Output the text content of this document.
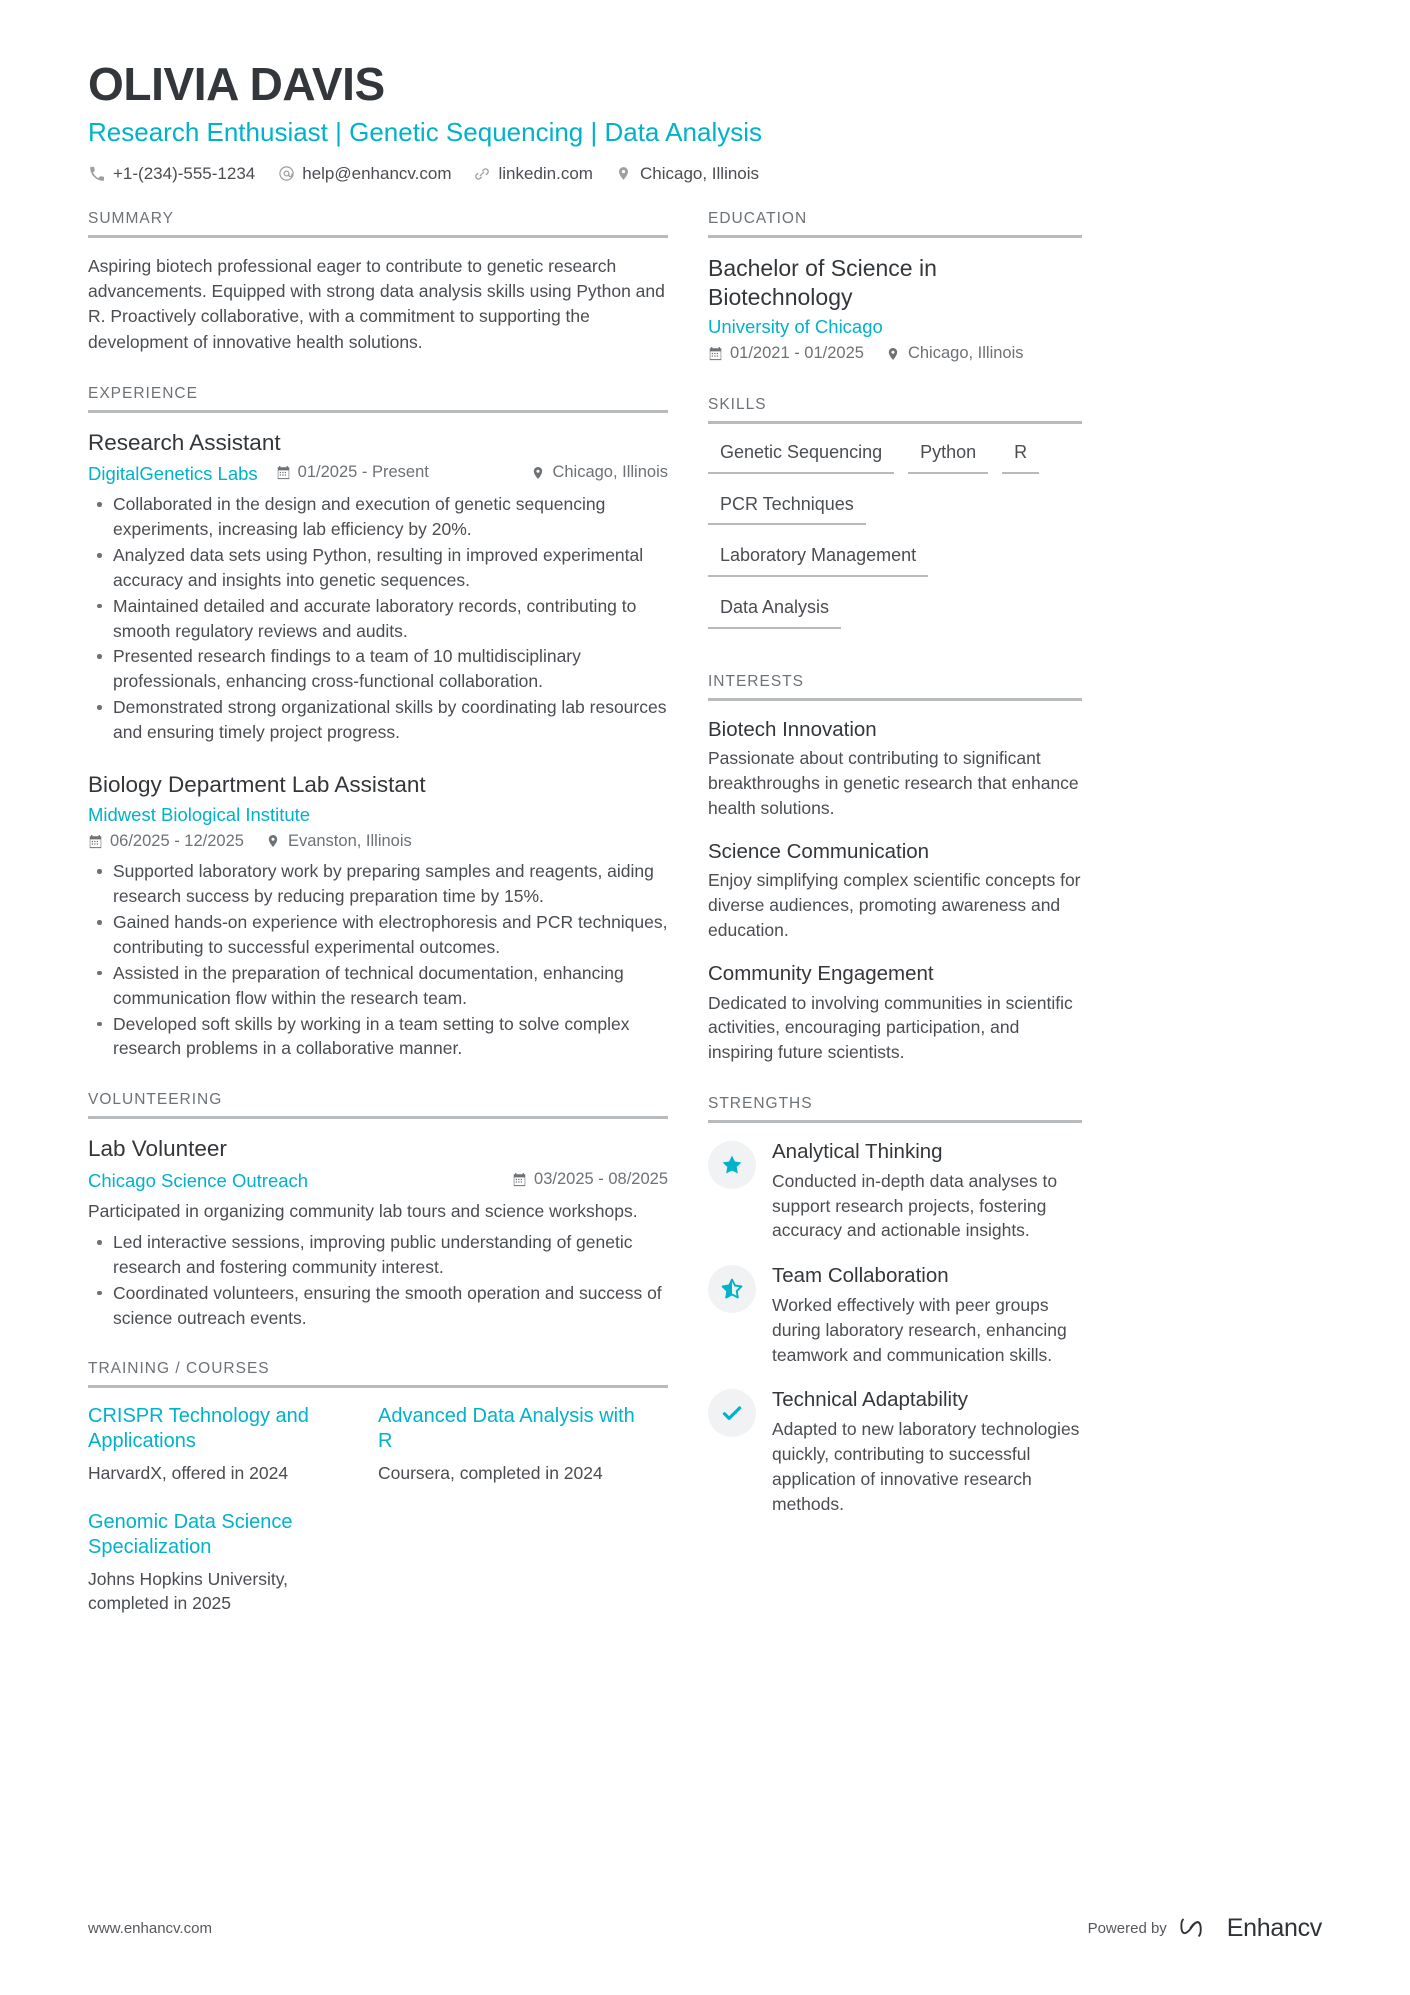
OLIVIA DAVIS
Research Enthusiast | Genetic Sequencing | Data Analysis
+1-(234)-555-1234	help@enhancv.com	linkedin.com	Chicago, Illinois
SUMMARY
Aspiring biotech professional eager to contribute to genetic research advancements. Equipped with strong data analysis skills using Python and R. Proactively collaborative, with a commitment to supporting the development of innovative health solutions.
EXPERIENCE
Research Assistant
DigitalGenetics Labs 01/2025 - Present	Chicago, Illinois
Collaborated in the design and execution of genetic sequencing experiments, increasing lab efficiency by 20%.
Analyzed data sets using Python, resulting in improved experimental accuracy and insights into genetic sequences.
Maintained detailed and accurate laboratory records, contributing to smooth regulatory reviews and audits.
Presented research findings to a team of 10 multidisciplinary professionals, enhancing cross-functional collaboration.
Demonstrated strong organizational skills by coordinating lab resources and ensuring timely project progress.
Biology Department Lab Assistant
Midwest Biological Institute
06/2025 - 12/2025	Evanston, Illinois
Supported laboratory work by preparing samples and reagents, aiding research success by reducing preparation time by 15%.
Gained hands-on experience with electrophoresis and PCR techniques, contributing to successful experimental outcomes.
Assisted in the preparation of technical documentation, enhancing communication flow within the research team.
Developed soft skills by working in a team setting to solve complex research problems in a collaborative manner.
VOLUNTEERING
Lab Volunteer
Chicago Science Outreach	03/2025 - 08/2025
Participated in organizing community lab tours and science workshops.
Led interactive sessions, improving public understanding of genetic research and fostering community interest.
Coordinated volunteers, ensuring the smooth operation and success of science outreach events.
TRAINING / COURSES
CRISPR Technology and Applications
HarvardX, offered in 2024
Advanced Data Analysis with R
Coursera, completed in 2024
Genomic Data Science Specialization
Johns Hopkins University, completed in 2025
EDUCATION
Bachelor of Science in Biotechnology
University of Chicago
01/2021 - 01/2025	Chicago, Illinois
SKILLS
Genetic Sequencing	Python	R
PCR Techniques
Laboratory Management
Data Analysis
INTERESTS
Biotech Innovation
Passionate about contributing to significant breakthroughs in genetic research that enhance health solutions.
Science Communication
Enjoy simplifying complex scientific concepts for diverse audiences, promoting awareness and education.
Community Engagement
Dedicated to involving communities in scientific activities, encouraging participation, and inspiring future scientists.
STRENGTHS
Analytical Thinking
Conducted in-depth data analyses to support research projects, fostering accuracy and actionable insights.
Team Collaboration
Worked effectively with peer groups during laboratory research, enhancing teamwork and communication skills.
Technical Adaptability
Adapted to new laboratory technologies quickly, contributing to successful application of innovative research methods.
www.enhancv.com	Powered by Enhancv
